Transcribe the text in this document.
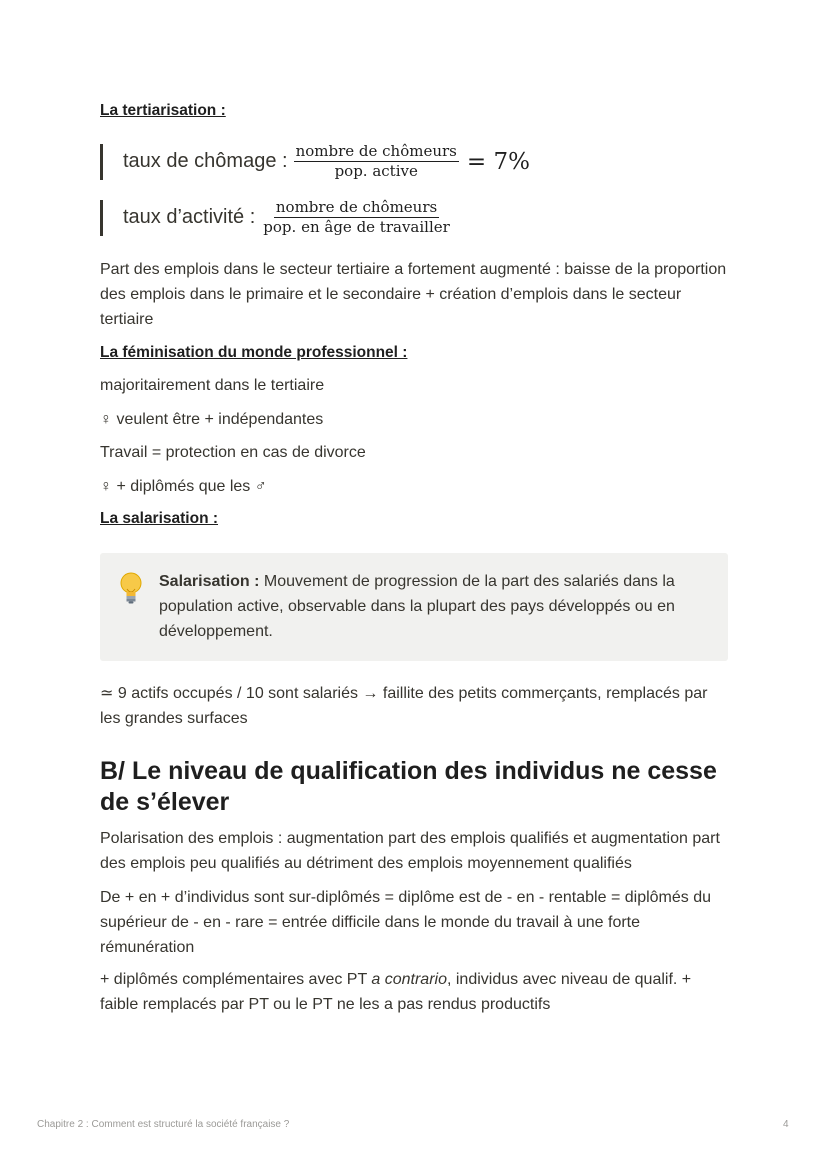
La tertiarisation :
taux de chômage : $\frac{\text{nombre de chômeurs}}{\text{pop. active}} = 7\%$
taux d’activité : $\frac{\text{nombre de chômeurs}}{\text{pop. en âge de travailler}}$
Part des emplois dans le secteur tertiaire a fortement augmenté : baisse de la proportion des emplois dans le primaire et le secondaire + création d’emplois dans le secteur tertiaire
La féminisation du monde professionnel :
majoritairement dans le tertiaire
♀ veulent être + indépendantes
Travail = protection en cas de divorce
♀ + diplômés que les ♂
La salarisation :
Salarisation : Mouvement de progression de la part des salariés dans la population active, observable dans la plupart des pays développés ou en développement.
≃ 9 actifs occupés / 10 sont salariés → faillite des petits commerçants, remplacés par les grandes surfaces
B/ Le niveau de qualification des individus ne cesse de s’élever
Polarisation des emplois : augmentation part des emplois qualifiés et augmentation part des emplois peu qualifiés au détriment des emplois moyennement qualifiés
De + en + d’individus sont sur-diplômés = diplôme est de - en - rentable = diplômés du supérieur de - en - rare = entrée difficile dans le monde du travail à une forte rémunération
+ diplômés complémentaires avec PT a contrario, individus avec niveau de qualif. + faible remplacés par PT ou le PT ne les a pas rendus productifs
Chapitre 2 : Comment est structuré la société française ?	4
